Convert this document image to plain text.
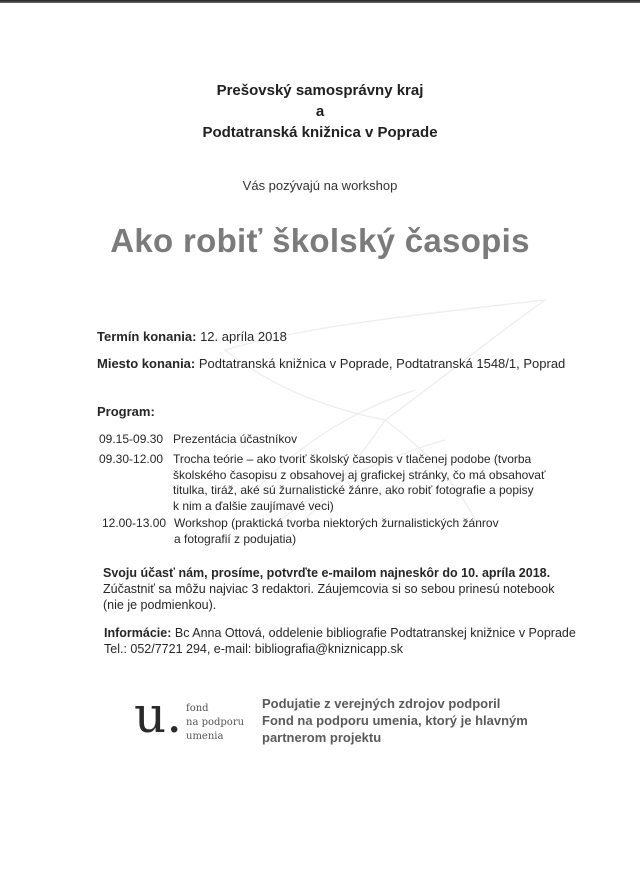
Prešovský samosprávny kraj
a
Podtatranská knižnica v Poprade
Vás pozývajú na workshop
Ako robiť školský časopis
Termín konania: 12. apríla 2018
Miesto konania: Podtatranská knižnica v Poprade, Podtatranská 1548/1, Poprad
Program:
09.15-09.30 Prezentácia účastníkov
09.30-12.00 Trocha teórie – ako tvoriť školský časopis v tlačenej podobe (tvorba
školského časopisu z obsahovej aj grafickej stránky, čo má obsahovať
titulka, tiráž, aké sú žurnalistické žánre, ako robiť fotografie a popisy
k nim a ďalšie zaujímavé veci)
12.00-13.00 Workshop (praktická tvorba niektorých žurnalistických žánrov
a fotografií z podujatia)
Svoju účasť nám, prosíme, potvrďte e-mailom najneskôr do 10. apríla 2018.
Zúčastniť sa môžu najviac 3 redaktori. Záujemcovia si so sebou prinesú notebook
(nie je podmienkou).
Informácie: Bc Anna Ottová, oddelenie bibliografie Podtatranskej knižnice v Poprade
Tel.: 052/7721 294, e-mail: bibliografia@kniznicapp.sk
u. fond
na podporu
umenia
Podujatie z verejných zdrojov podporil
Fond na podporu umenia, ktorý je hlavným
partnerom projektu
